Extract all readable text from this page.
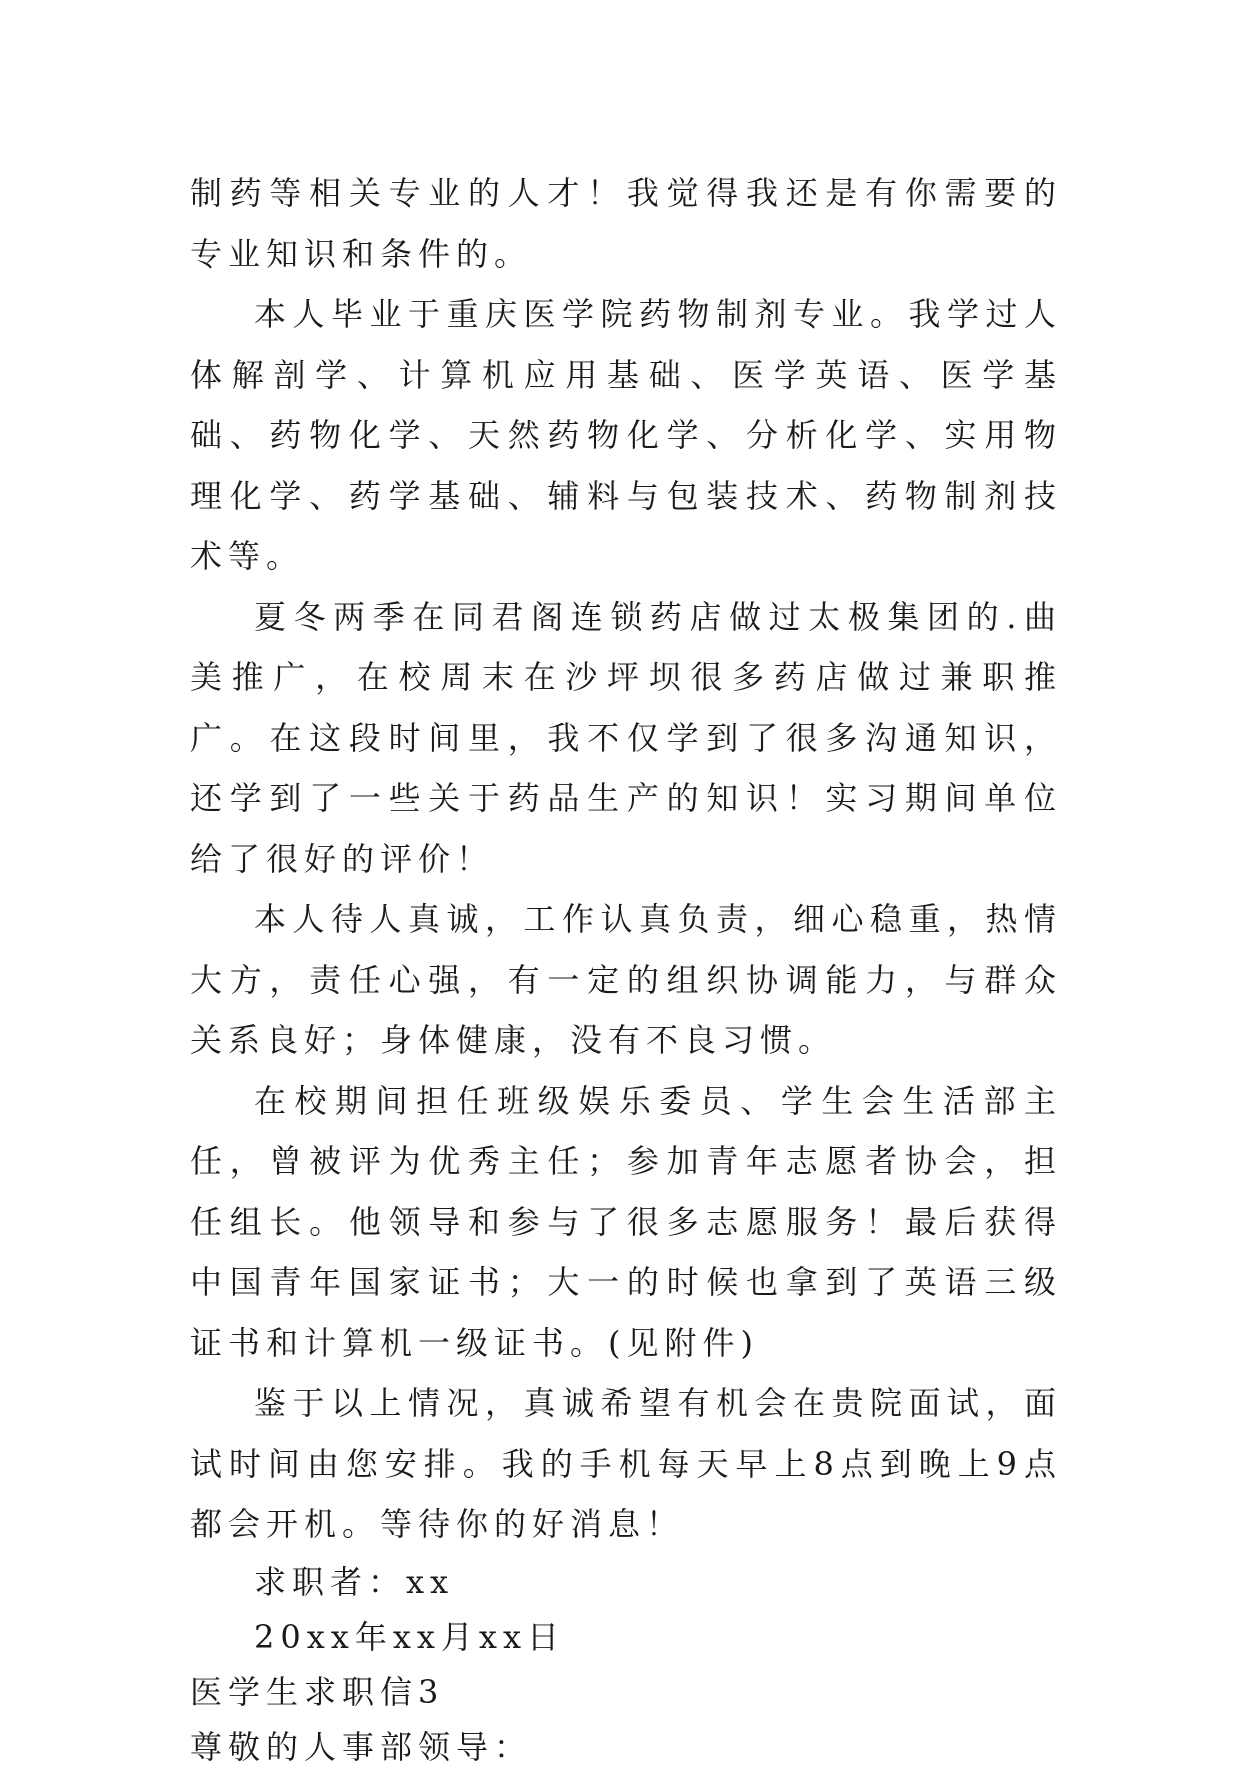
制药等相关专业的人才！我觉得我还是有你需要的专业知识和条件的。

本人毕业于重庆医学院药物制剂专业。我学过人体解剖学、计算机应用基础、医学英语、医学基础、药物化学、天然药物化学、分析化学、实用物理化学、药学基础、辅料与包装技术、药物制剂技术等。

夏冬两季在同君阁连锁药店做过太极集团的.曲美推广，在校周末在沙坪坝很多药店做过兼职推广。在这段时间里，我不仅学到了很多沟通知识，还学到了一些关于药品生产的知识！实习期间单位给了很好的评价！

本人待人真诚，工作认真负责，细心稳重，热情大方，责任心强，有一定的组织协调能力，与群众关系良好；身体健康，没有不良习惯。

在校期间担任班级娱乐委员、学生会生活部主任，曾被评为优秀主任；参加青年志愿者协会，担任组长。他领导和参与了很多志愿服务！最后获得中国青年国家证书；大一的时候也拿到了英语三级证书和计算机一级证书。(见附件)

鉴于以上情况，真诚希望有机会在贵院面试，面试时间由您安排。我的手机每天早上8点到晚上9点都会开机。等待你的好消息！

求职者：xx
20xx年xx月xx日
医学生求职信3
尊敬的人事部领导：
